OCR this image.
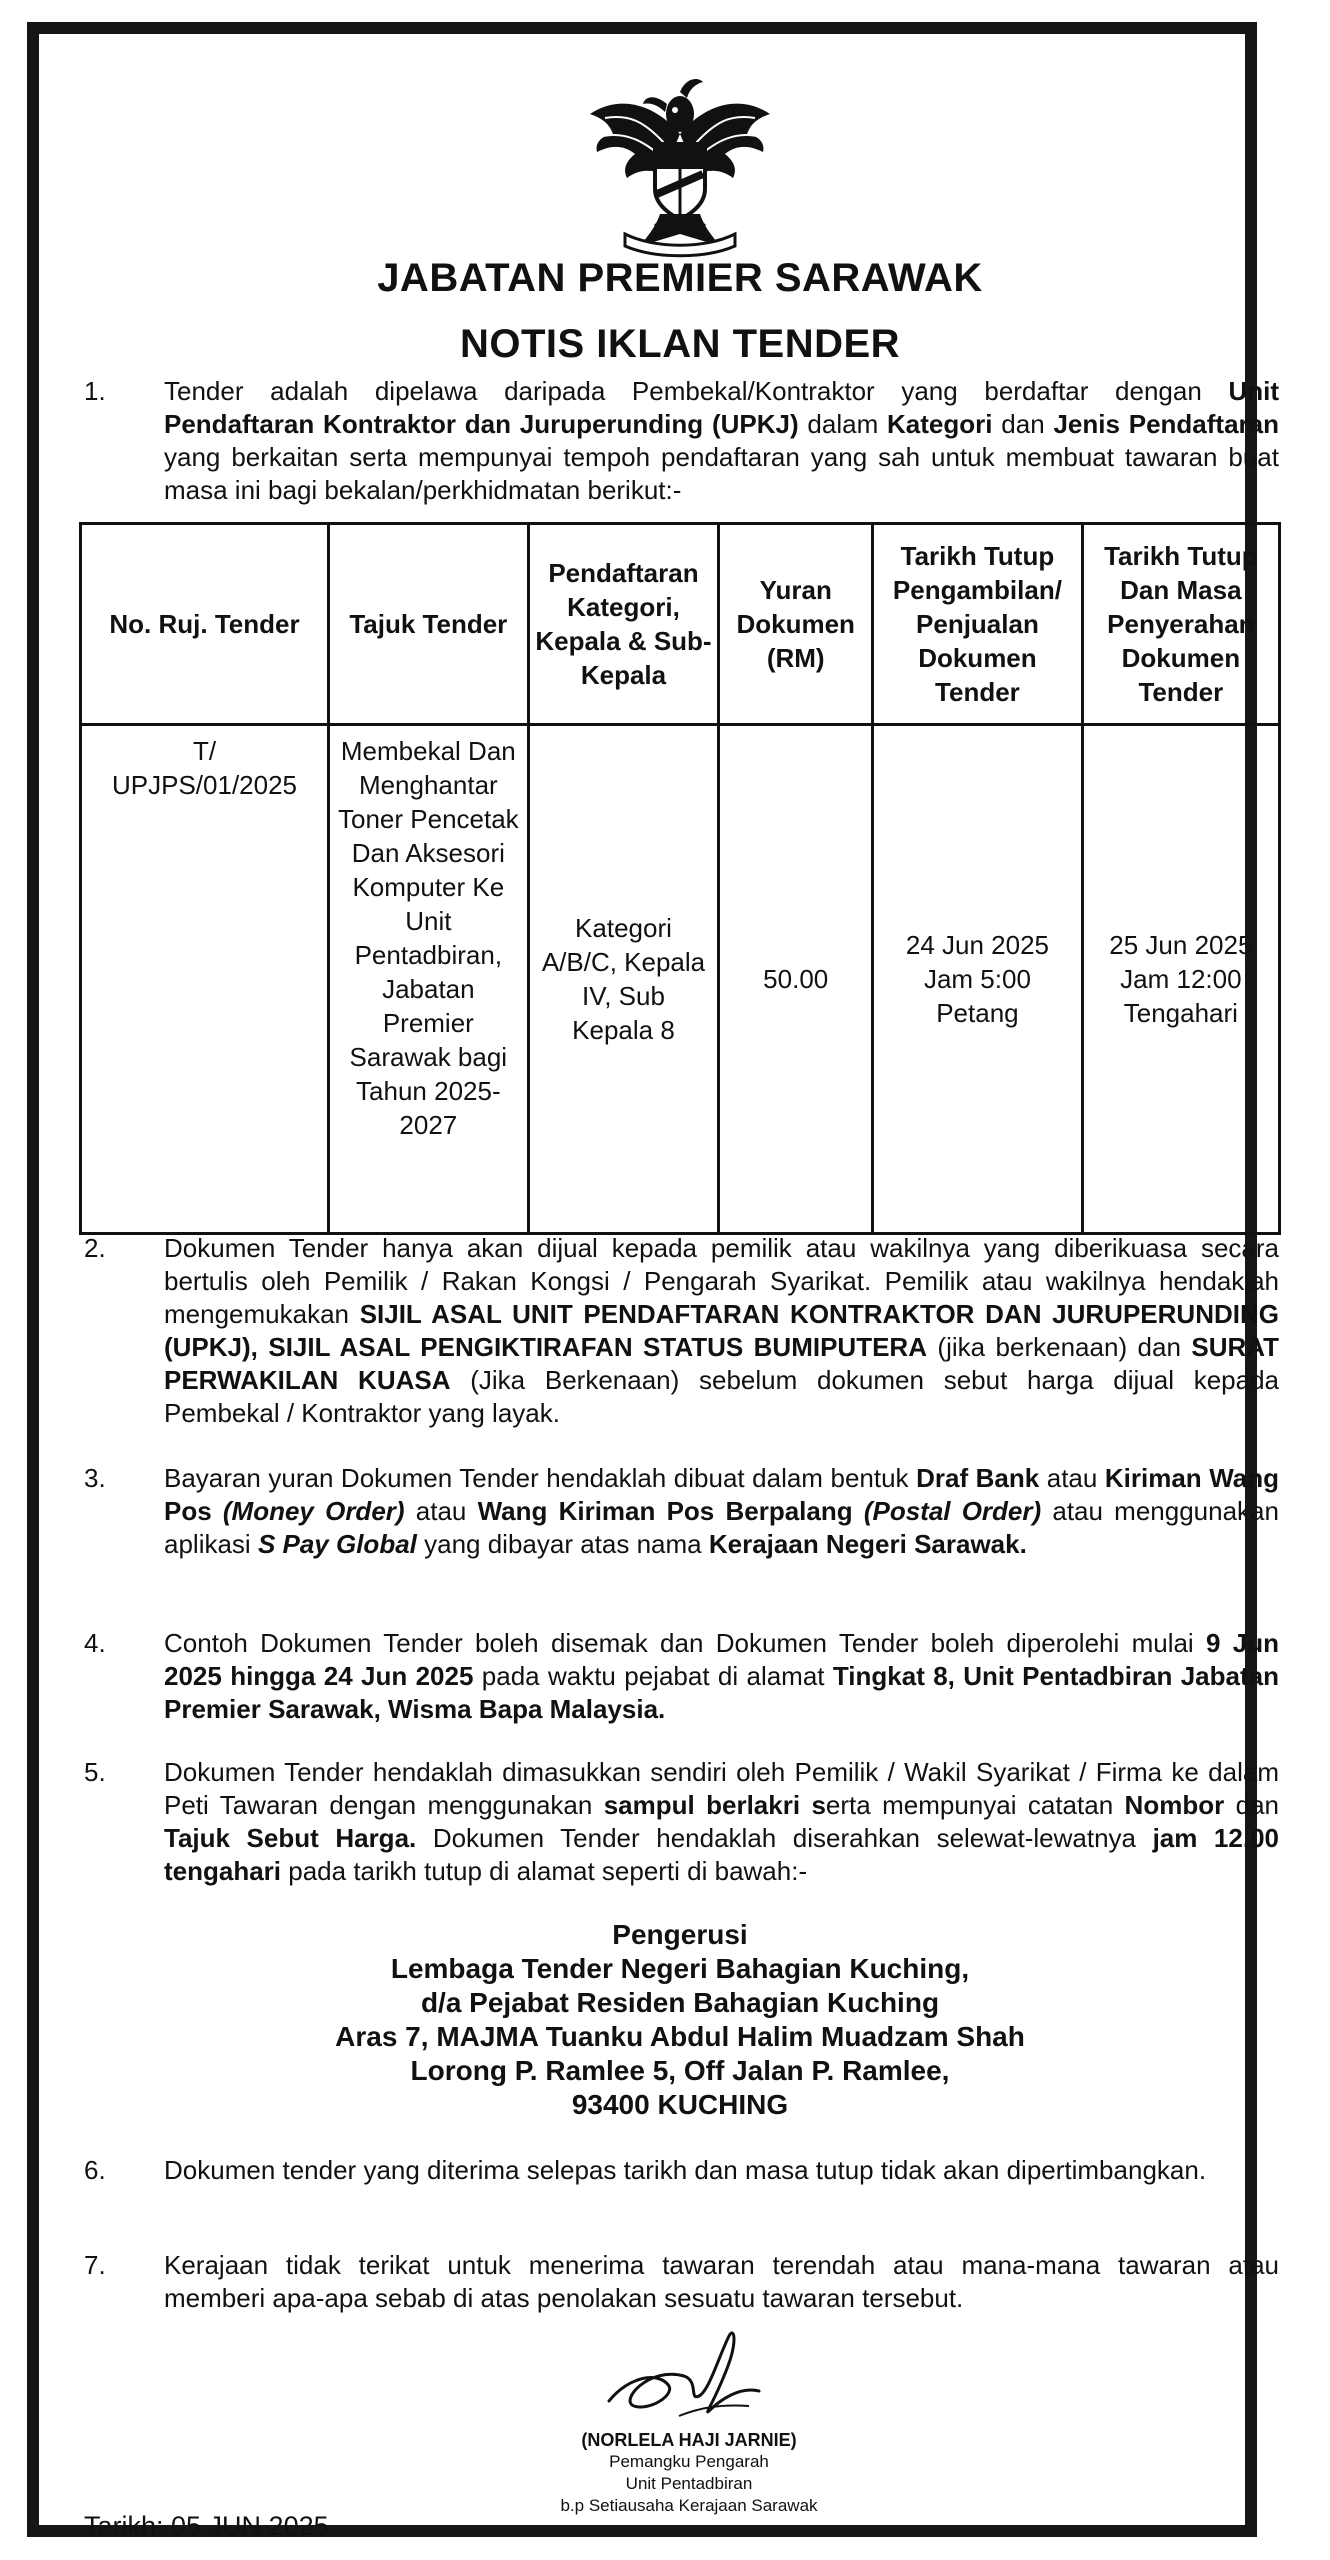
JABATAN PREMIER SARAWAK
NOTIS IKLAN TENDER
1.	Tender adalah dipelawa daripada Pembekal/Kontraktor yang berdaftar dengan Unit Pendaftaran Kontraktor dan Juruperunding (UPKJ) dalam Kategori dan Jenis Pendaftaran yang berkaitan serta mempunyai tempoh pendaftaran yang sah untuk membuat tawaran buat masa ini bagi bekalan/perkhidmatan berikut:-
No. Ruj. Tender	Tajuk Tender	Pendaftaran Kategori, Kepala & Sub-Kepala	Yuran Dokumen (RM)	Tarikh Tutup Pengambilan/ Penjualan Dokumen Tender	Tarikh Tutup Dan Masa Penyerahan Dokumen Tender
T/ UPJPS/01/2025	Membekal Dan Menghantar Toner Pencetak Dan Aksesori Komputer Ke Unit Pentadbiran, Jabatan Premier Sarawak bagi Tahun 2025-2027	Kategori A/B/C, Kepala IV, Sub Kepala 8	50.00	24 Jun 2025 Jam 5:00 Petang	25 Jun 2025 Jam 12:00 Tengahari
2.	Dokumen Tender hanya akan dijual kepada pemilik atau wakilnya yang diberikuasa secara bertulis oleh Pemilik / Rakan Kongsi / Pengarah Syarikat. Pemilik atau wakilnya hendaklah mengemukakan SIJIL ASAL UNIT PENDAFTARAN KONTRAKTOR DAN JURUPERUNDING (UPKJ), SIJIL ASAL PENGIKTIRAFAN STATUS BUMIPUTERA (jika berkenaan) dan SURAT PERWAKILAN KUASA (Jika Berkenaan) sebelum dokumen sebut harga dijual kepada Pembekal / Kontraktor yang layak.
3.	Bayaran yuran Dokumen Tender hendaklah dibuat dalam bentuk Draf Bank atau Kiriman Wang Pos (Money Order) atau Wang Kiriman Pos Berpalang (Postal Order) atau menggunakan aplikasi S Pay Global yang dibayar atas nama Kerajaan Negeri Sarawak.
4.	Contoh Dokumen Tender boleh disemak dan Dokumen Tender boleh diperolehi mulai 9 Jun 2025 hingga 24 Jun 2025 pada waktu pejabat di alamat Tingkat 8, Unit Pentadbiran Jabatan Premier Sarawak, Wisma Bapa Malaysia.
5.	Dokumen Tender hendaklah dimasukkan sendiri oleh Pemilik / Wakil Syarikat / Firma ke dalam Peti Tawaran dengan menggunakan sampul berlakri serta mempunyai catatan Nombor dan Tajuk Sebut Harga. Dokumen Tender hendaklah diserahkan selewat-lewatnya jam 12.00 tengahari pada tarikh tutup di alamat seperti di bawah:-
Pengerusi
Lembaga Tender Negeri Bahagian Kuching,
d/a Pejabat Residen Bahagian Kuching
Aras 7, MAJMA Tuanku Abdul Halim Muadzam Shah
Lorong P. Ramlee 5, Off Jalan P. Ramlee,
93400 KUCHING
6.	Dokumen tender yang diterima selepas tarikh dan masa tutup tidak akan dipertimbangkan.
7.	Kerajaan tidak terikat untuk menerima tawaran terendah atau mana-mana tawaran atau memberi apa-apa sebab di atas penolakan sesuatu tawaran tersebut.
(NORLELA HAJI JARNIE)
Pemangku Pengarah
Unit Pentadbiran
b.p Setiausaha Kerajaan Sarawak
Tarikh: 05 JUN 2025
